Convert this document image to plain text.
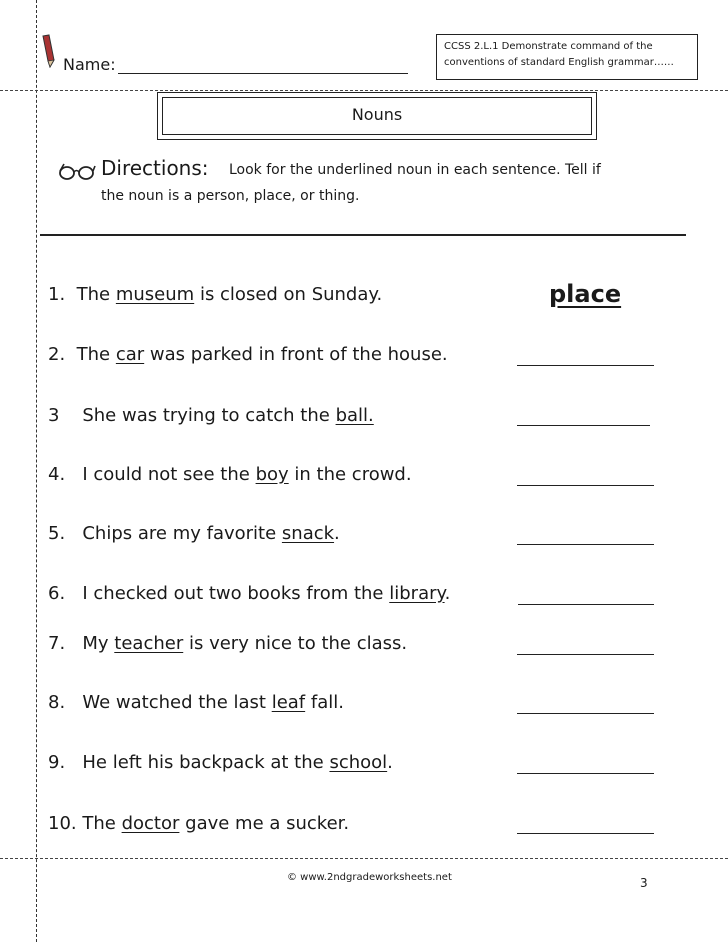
Name:
CCSS 2.L.1 Demonstrate command of the
conventions of standard English grammar……
Nouns
Directions: Look for the underlined noun in each sentence. Tell if
the noun is a person, place, or thing.
1. The museum is closed on Sunday.	place
2. The car was parked in front of the house.
3 She was trying to catch the ball.
4. I could not see the boy in the crowd.
5. Chips are my favorite snack.
6. I checked out two books from the library.
7. My teacher is very nice to the class.
8. We watched the last leaf fall.
9. He left his backpack at the school.
10. The doctor gave me a sucker.
© www.2ndgradeworksheets.net	3
